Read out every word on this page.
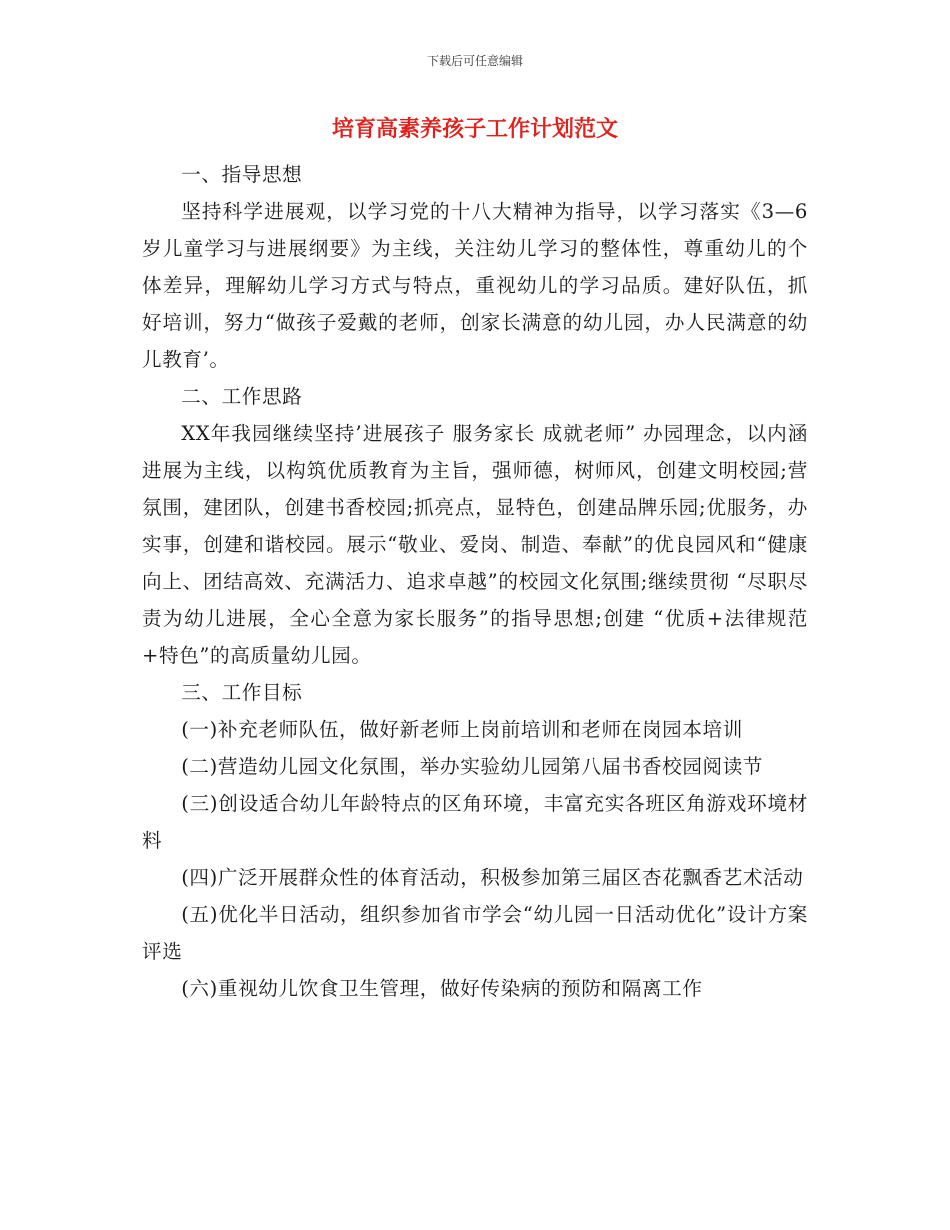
下载后可任意编辑
培育高素养孩子工作计划范文

一、指导思想

坚持科学进展观，以学习党的十八大精神为指导，以学习落实《3—6岁儿童学习与进展纲要》为主线，关注幼儿学习的整体性，尊重幼儿的个体差异，理解幼儿学习方式与特点，重视幼儿的学习品质。建好队伍，抓好培训，努力“做孩子爱戴的老师，创家长满意的幼儿园，办人民满意的幼儿教育’。

二、工作思路

XX年我园继续坚持’进展孩子 服务家长 成就老师” 办园理念，以内涵进展为主线，以构筑优质教育为主旨，强师德，树师风，创建文明校园;营氛围，建团队，创建书香校园;抓亮点，显特色，创建品牌乐园;优服务，办实事，创建和谐校园。展示“敬业、爱岗、制造、奉献”的优良园风和“健康向上、团结高效、充满活力、追求卓越”的校园文化氛围;继续贯彻 “尽职尽责为幼儿进展，全心全意为家长服务”的指导思想;创建 “优质+法律规范+特色”的高质量幼儿园。

三、工作目标

(一)补充老师队伍，做好新老师上岗前培训和老师在岗园本培训

(二)营造幼儿园文化氛围，举办实验幼儿园第八届书香校园阅读节

(三)创设适合幼儿年龄特点的区角环境，丰富充实各班区角游戏环境材料

(四)广泛开展群众性的体育活动，积极参加第三届区杏花飘香艺术活动

(五)优化半日活动，组织参加省市学会“幼儿园一日活动优化”设计方案评选

(六)重视幼儿饮食卫生管理，做好传染病的预防和隔离工作
